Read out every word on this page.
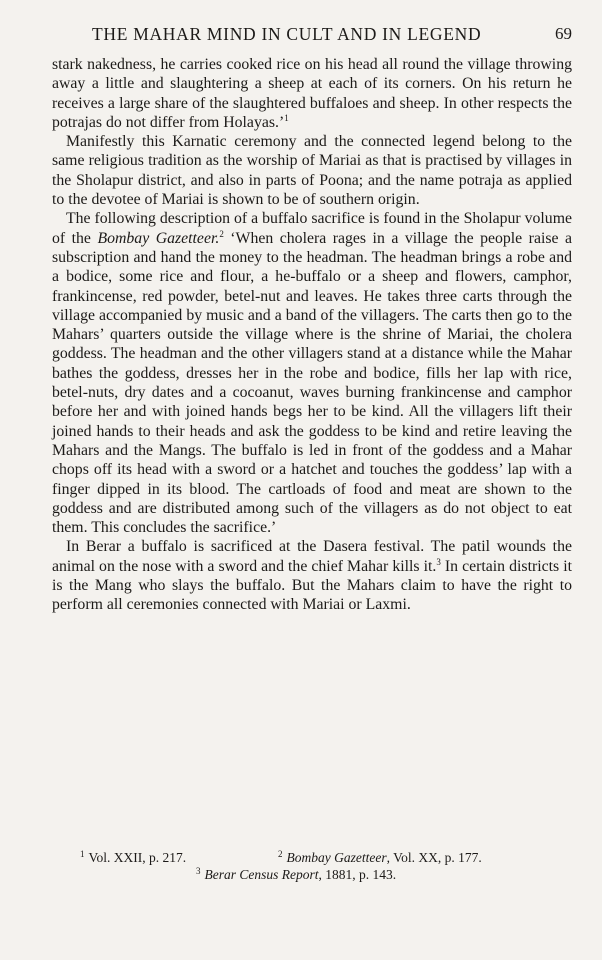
THE MAHAR MIND IN CULT AND IN LEGEND	69

stark nakedness, he carries cooked rice on his head all round the village throwing away a little and slaughtering a sheep at each of its corners. On his return he receives a large share of the slaughtered buffaloes and sheep. In other respects the potrajas do not differ from Holayas.’$^1$

Manifestly this Karnatic ceremony and the connected legend belong to the same religious tradition as the worship of Mariai as that is practised by villages in the Sholapur district, and also in parts of Poona; and the name potraja as applied to the devotee of Mariai is shown to be of southern origin.

The following description of a buffalo sacrifice is found in the Sholapur volume of the Bombay Gazetteer.$^2$ ‘When cholera rages in a village the people raise a subscription and hand the money to the headman. The headman brings a robe and a bodice, some rice and flour, a he-buffalo or a sheep and flowers, camphor, frankincense, red powder, betel-nut and leaves. He takes three carts through the village accompanied by music and a band of the villagers. The carts then go to the Mahars’ quarters outside the village where is the shrine of Mariai, the cholera goddess. The headman and the other villagers stand at a distance while the Mahar bathes the goddess, dresses her in the robe and bodice, fills her lap with rice, betel-nuts, dry dates and a cocoanut, waves burning frankincense and camphor before her and with joined hands begs her to be kind. All the villagers lift their joined hands to their heads and ask the goddess to be kind and retire leaving the Mahars and the Mangs. The buffalo is led in front of the goddess and a Mahar chops off its head with a sword or a hatchet and touches the goddess’ lap with a finger dipped in its blood. The cartloads of food and meat are shown to the goddess and are distributed among such of the villagers as do not object to eat them. This concludes the sacrifice.’

In Berar a buffalo is sacrificed at the Dasera festival. The patil wounds the animal on the nose with a sword and the chief Mahar kills it.$^3$ In certain districts it is the Mang who slays the buffalo. But the Mahars claim to have the right to perform all ceremonies connected with Mariai or Laxmi.

$^1$ Vol. XXII, p. 217.	$^2$ Bombay Gazetteer, Vol. XX, p. 177.
$^3$ Berar Census Report, 1881, p. 143.
